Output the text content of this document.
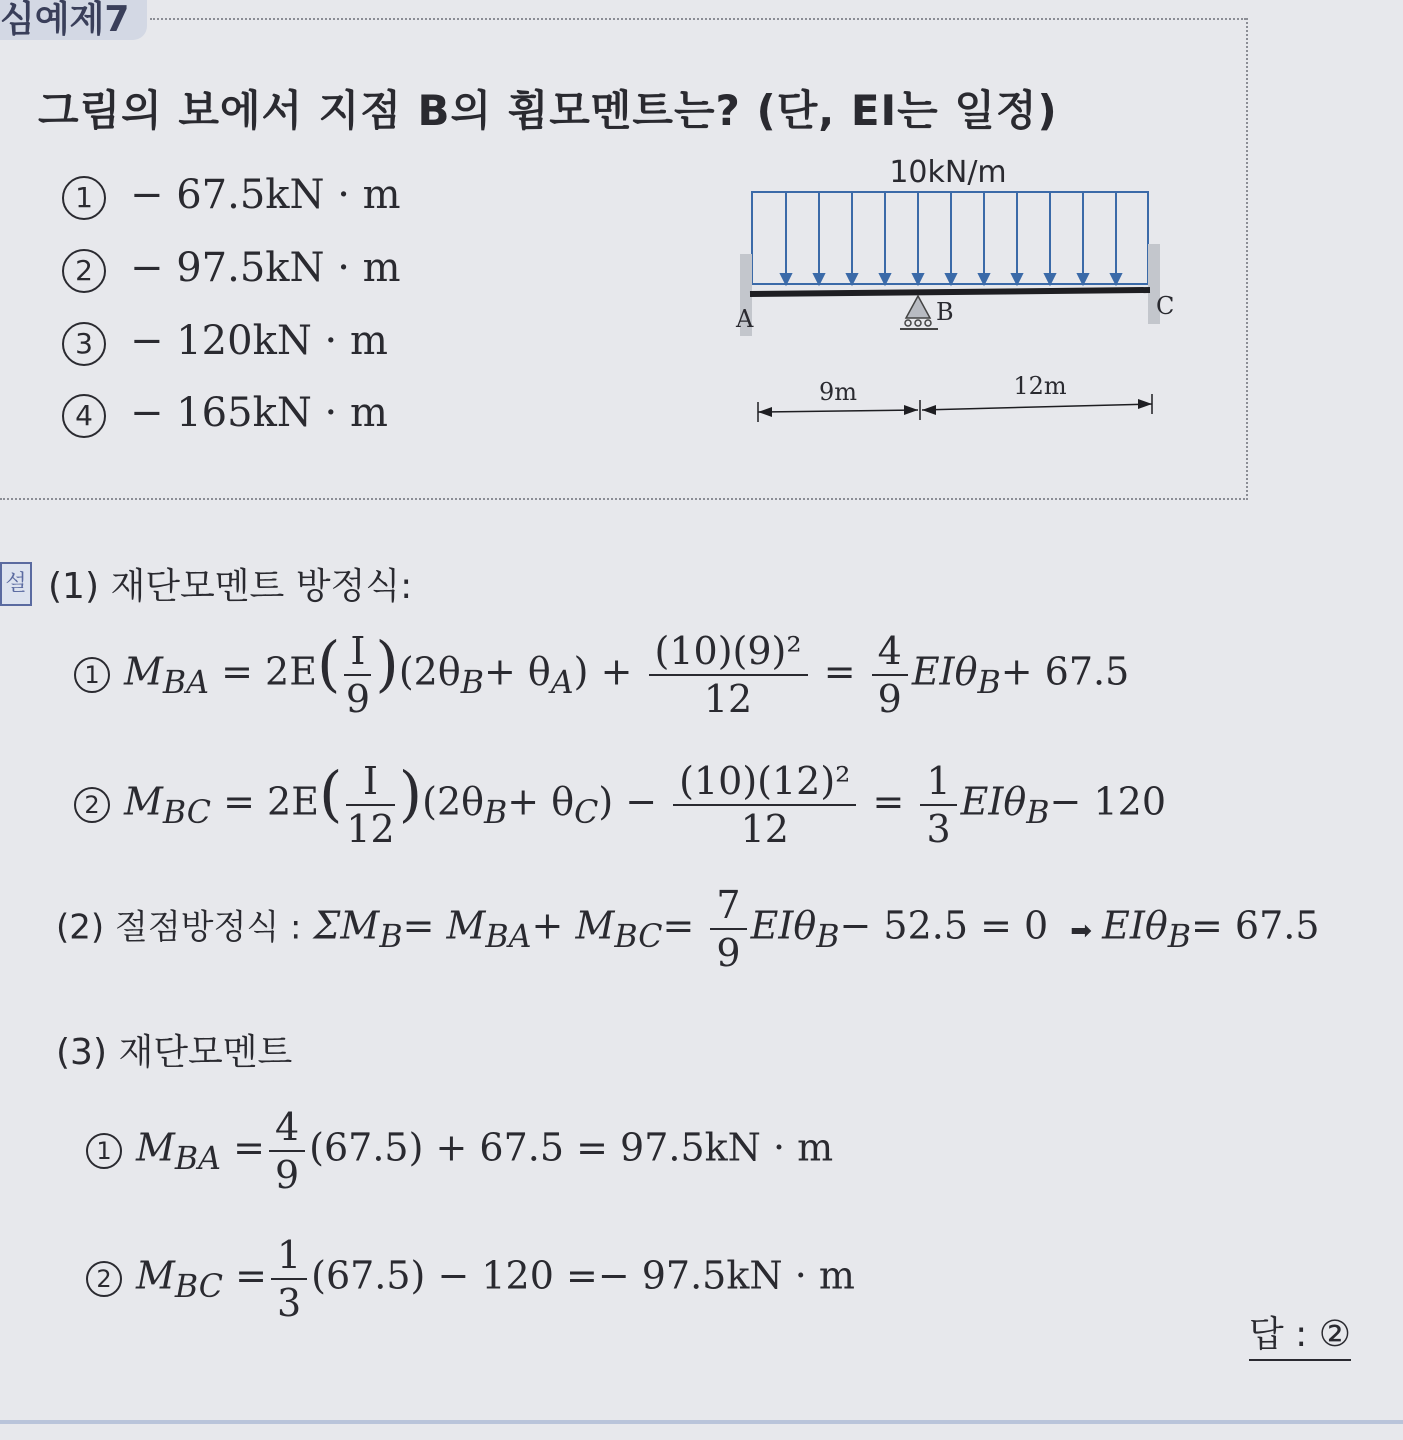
심예제7
그림의 보에서 지점 B의 휨모멘트는? (단, EI는 일정)
1 − 67.5kN · m
2 − 97.5kN · m
3 − 120kN · m
4 − 165kN · m
10kN/m
A	B	C
9m	12m
설 (1) 재단모멘트 방정식:
1 $M_{BA} = 2E( \frac{I}{9} )(2\theta_B+ \theta_A) + \frac{\text{(10)(9)²}}{12} = \frac{4}{9} EI\theta_B+ 67.5$
2 $M_{BC} = 2E( \frac{I}{12} )(2\theta_B+ \theta_C) - \frac{\text{(10)(12)²}}{12} = \frac{1}{3} EI\theta_B- 120$
(2) 절점방정식 : $\Sigma M_B= M_{BA}+ M_{BC}= \frac{7}{9} EI\theta_B- 52.5 = 0$ ➡ EIθ$_B$= 67.5
(3) 재단모멘트
1 $M_{BA} = \frac{4}{9} (67.5) + 67.5 = 97.5kN \cdot m$
2 $M_{BC} = \frac{1}{3} (67.5) - 120 =- 97.5kN \cdot m$
답 : ②
